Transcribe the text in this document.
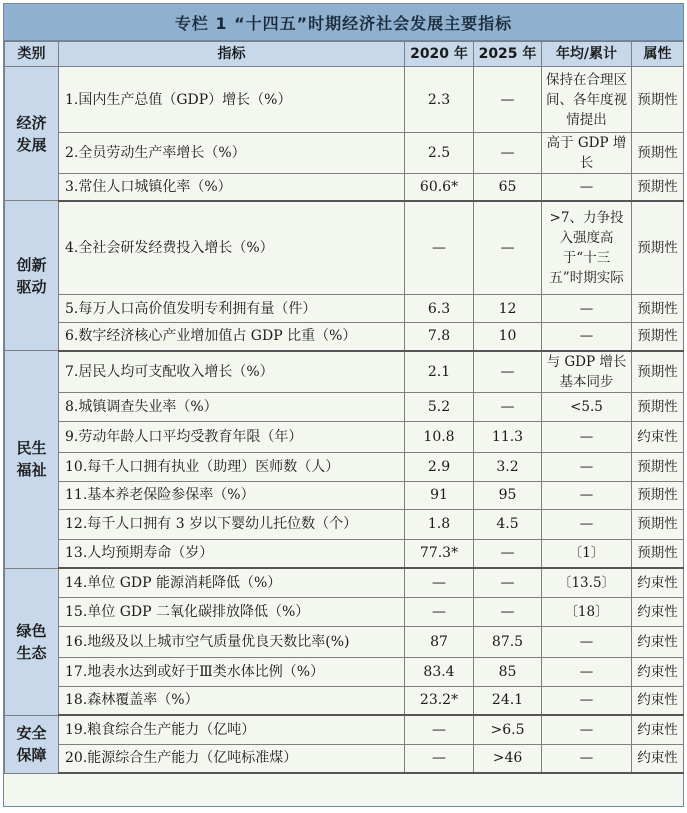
专栏 1 “十四五”时期经济社会发展主要指标
类别	指标	2020 年	2025 年	年均/累计	属性

经济
发展	1.国内生产总值（GDP）增长（%）	2.3	—	保持在合理区间、各年度视情提出	预期性
	2.全员劳动生产率增长（%）	2.5	—	高于 GDP 增长	预期性
	3.常住人口城镇化率（%）	60.6*	65	—	预期性

创新
驱动	4.全社会研发经费投入增长（%）	—	—	>7、力争投入强度高于“十三五”时期实际	预期性
	5.每万人口高价值发明专利拥有量（件）	6.3	12	—	预期性
	6.数字经济核心产业增加值占 GDP 比重（%）	7.8	10	—	预期性

民生
福祉	7.居民人均可支配收入增长（%）	2.1	—	与 GDP 增长基本同步	预期性
	8.城镇调查失业率（%）	5.2	—	<5.5	预期性
	9.劳动年龄人口平均受教育年限（年）	10.8	11.3	—	约束性
	10.每千人口拥有执业（助理）医师数（人）	2.9	3.2	—	预期性
	11.基本养老保险参保率（%）	91	95	—	预期性
	12.每千人口拥有 3 岁以下婴幼儿托位数（个）	1.8	4.5	—	预期性
	13.人均预期寿命（岁）	77.3*	—	〔1〕	预期性

绿色
生态	14.单位 GDP 能源消耗降低（%）	—	—	〔13.5〕	约束性
	15.单位 GDP 二氧化碳排放降低（%）	—	—	〔18〕	约束性
	16.地级及以上城市空气质量优良天数比率(%)	87	87.5	—	约束性
	17.地表水达到或好于Ⅲ类水体比例（%）	83.4	85	—	约束性
	18.森林覆盖率（%）	23.2*	24.1	—	约束性

安全
保障	19.粮食综合生产能力（亿吨）	—	>6.5	—	约束性
	20.能源综合生产能力（亿吨标准煤）	—	>46	—	约束性
